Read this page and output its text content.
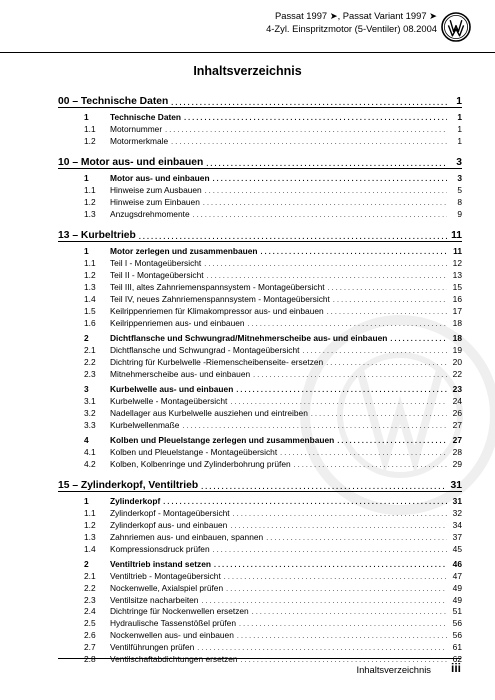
Passat 1997 ➤, Passat Variant 1997 ➤
4-Zyl. Einspritzmotor (5-Ventiler) 08.2004
Inhaltsverzeichnis
00 – Technische Daten . . .	1
1	Technische Daten . . .	1
1.1	Motornummer . . .	1
1.2	Motormerkmale . . .	1
10 – Motor aus- und einbauen . . .	3
1	Motor aus- und einbauen . . .	3
1.1	Hinweise zum Ausbauen . . .	5
1.2	Hinweise zum Einbauen . . .	8
1.3	Anzugsdrehmomente . . .	9
13 – Kurbeltrieb . . .	11
1	Motor zerlegen und zusammenbauen . . .	11
1.1	Teil I - Montageübersicht . . .	12
1.2	Teil II - Montageübersicht . . .	13
1.3	Teil III, altes Zahnriemenspannsystem - Montageübersicht . . .	15
1.4	Teil IV, neues Zahnriemenspannsystem - Montageübersicht . . .	16
1.5	Keilrippenriemen für Klimakompressor aus- und einbauen . . .	17
1.6	Keilrippenriemen aus- und einbauen . . .	18
2	Dichtflansche und Schwungrad/Mitnehmerscheibe aus- und einbauen . . .	18
2.1	Dichtflansche und Schwungrad - Montageübersicht . . .	19
2.2	Dichtring für Kurbelwelle -Riemenscheibenseite- ersetzen . . .	20
2.3	Mitnehmerscheibe aus- und einbauen . . .	22
3	Kurbelwelle aus- und einbauen . . .	23
3.1	Kurbelwelle - Montageübersicht . . .	24
3.2	Nadellager aus Kurbelwelle ausziehen und eintreiben . . .	26
3.3	Kurbelwellenmaße . . .	27
4	Kolben und Pleuelstange zerlegen und zusammenbauen . . .	27
4.1	Kolben und Pleuelstange - Montageübersicht . . .	28
4.2	Kolben, Kolbenringe und Zylinderbohrung prüfen . . .	29
15 – Zylinderkopf, Ventiltrieb . . .	31
1	Zylinderkopf . . .	31
1.1	Zylinderkopf - Montageübersicht . . .	32
1.2	Zylinderkopf aus- und einbauen . . .	34
1.3	Zahnriemen aus- und einbauen, spannen . . .	37
1.4	Kompressionsdruck prüfen . . .	45
2	Ventiltrieb instand setzen . . .	46
2.1	Ventiltrieb - Montageübersicht . . .	47
2.2	Nockenwelle, Axialspiel prüfen . . .	49
2.3	Ventilsitze nacharbeiten . . .	49
2.4	Dichtringe für Nockenwellen ersetzen . . .	51
2.5	Hydraulische Tassenstößel prüfen . . .	56
2.6	Nockenwellen aus- und einbauen . . .	56
2.7	Ventilführungen prüfen . . .	61
2.8	Ventilschaftabdichtungen ersetzen . . .	62
Inhaltsverzeichnis iii
